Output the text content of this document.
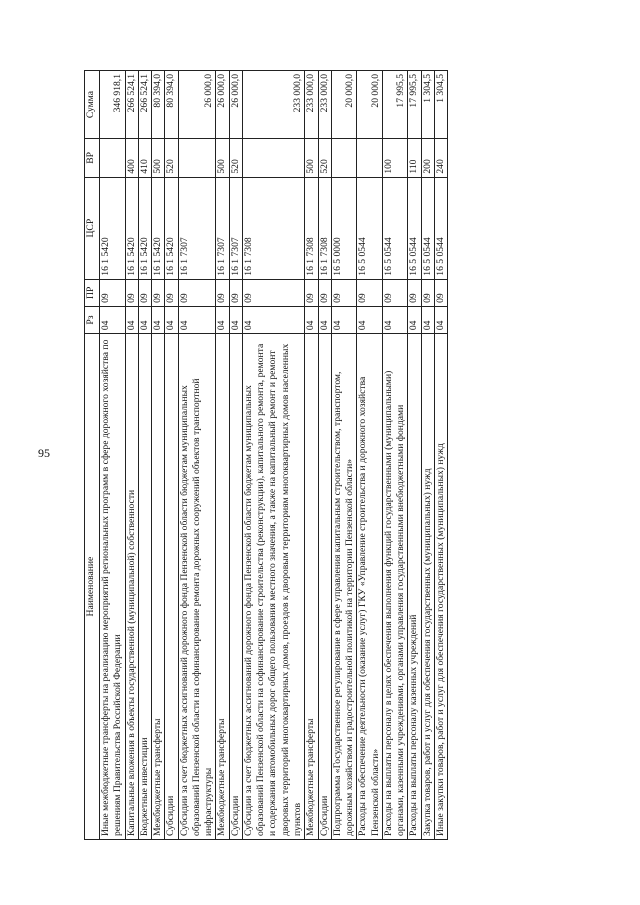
95
Наименование	Рз	ПР	ЦСР	ВР	Сумма
Иные межбюджетные трансферты на реализацию мероприятий региональных программ в сфере дорожного хозяйства по решениям Правительства Российской Федерации	04	09	16 1 5420		346 918,1
Капитальные вложения в объекты государственной (муниципальной) собственности	04	09	16 1 5420	400	266 524,1
Бюджетные инвестиции	04	09	16 1 5420	410	266 524,1
Межбюджетные трансферты	04	09	16 1 5420	500	80 394,0
Субсидии	04	09	16 1 5420	520	80 394,0
Субсидии за счет бюджетных ассигнований дорожного фонда Пензенской области бюджетам муниципальных образований Пензенской области на софинансирование ремонта дорожных сооружений объектов транспортной инфраструктуры	04	09	16 1 7307		26 000,0
Межбюджетные трансферты	04	09	16 1 7307	500	26 000,0
Субсидии	04	09	16 1 7307	520	26 000,0
Субсидии за счет бюджетных ассигнований дорожного фонда Пензенской области бюджетам муниципальных образований Пензенской области на софинансирование строительства (реконструкции), капитального ремонта, ремонта и содержания автомобильных дорог общего пользования местного значения, а также на капитальный ремонт и ремонт дворовых территорий многоквартирных домов, проездов к дворовым территориям многоквартирных домов населенных пунктов	04	09	16 1 7308		233 000,0
Межбюджетные трансферты	04	09	16 1 7308	500	233 000,0
Субсидии	04	09	16 1 7308	520	233 000,0
Подпрограмма «Государственное регулирование в сфере управления капитальным строительством, транспортом, дорожным хозяйством и градостроительной политикой на территории Пензенской области»	04	09	16 5 0000		20 000,0
Расходы на обеспечение деятельности (оказание услуг) ГКУ «Управление строительства и дорожного хозяйства Пензенской области»	04	09	16 5 0544		20 000,0
Расходы на выплаты персоналу в целях обеспечения выполнения функций государственными (муниципальными) органами, казенными учреждениями, органами управления государственными внебюджетными фондами	04	09	16 5 0544	100	17 995,5
Расходы на выплаты персоналу казенных учреждений	04	09	16 5 0544	110	17 995,5
Закупка товаров, работ и услуг для обеспечения государственных (муниципальных) нужд	04	09	16 5 0544	200	1 304,5
Иные закупки товаров, работ и услуг для обеспечения государственных (муниципальных) нужд	04	09	16 5 0544	240	1 304,5
